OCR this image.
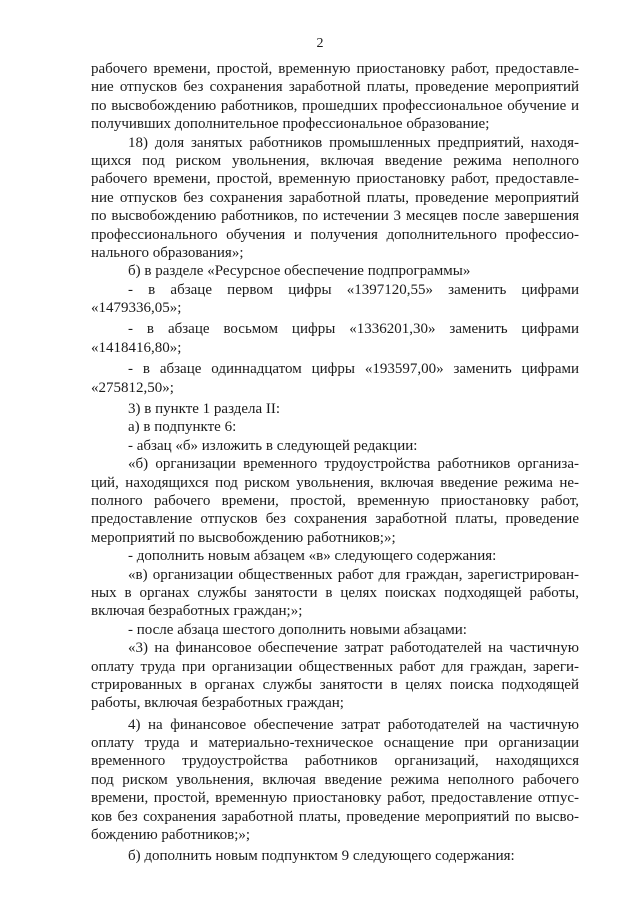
2
рабочего времени, простой, временную приостановку работ, предоставле-
ние отпусков без сохранения заработной платы, проведение мероприятий
по высвобождению работников, прошедших профессиональное обучение и
получивших дополнительное профессиональное образование;
18) доля занятых работников промышленных предприятий, находя-
щихся под риском увольнения, включая введение режима неполного
рабочего времени, простой, временную приостановку работ, предоставле-
ние отпусков без сохранения заработной платы, проведение мероприятий
по высвобождению работников, по истечении 3 месяцев после завершения
профессионального обучения и получения дополнительного профессио-
нального образования»;
б) в разделе «Ресурсное обеспечение подпрограммы»
- в абзаце первом цифры «1397120,55» заменить цифрами
«1479336,05»;
- в абзаце восьмом цифры «1336201,30» заменить цифрами
«1418416,80»;
- в абзаце одиннадцатом цифры «193597,00» заменить цифрами
«275812,50»;
3) в пункте 1 раздела II:
а) в подпункте 6:
- абзац «б» изложить в следующей редакции:
«б) организации временного трудоустройства работников организа-
ций, находящихся под риском увольнения, включая введение режима не-
полного рабочего времени, простой, временную приостановку работ,
предоставление отпусков без сохранения заработной платы, проведение
мероприятий по высвобождению работников;»;
- дополнить новым абзацем «в» следующего содержания:
«в) организации общественных работ для граждан, зарегистрирован-
ных в органах службы занятости в целях поисках подходящей работы,
включая безработных граждан;»;
- после абзаца шестого дополнить новыми абзацами:
«3) на финансовое обеспечение затрат работодателей на частичную
оплату труда при организации общественных работ для граждан, зареги-
стрированных в органах службы занятости в целях поиска подходящей
работы, включая безработных граждан;
4) на финансовое обеспечение затрат работодателей на частичную
оплату труда и материально-техническое оснащение при организации
временного трудоустройства работников организаций, находящихся
под риском увольнения, включая введение режима неполного рабочего
времени, простой, временную приостановку работ, предоставление отпус-
ков без сохранения заработной платы, проведение мероприятий по высво-
бождению работников;»;
б) дополнить новым подпунктом 9 следующего содержания:
